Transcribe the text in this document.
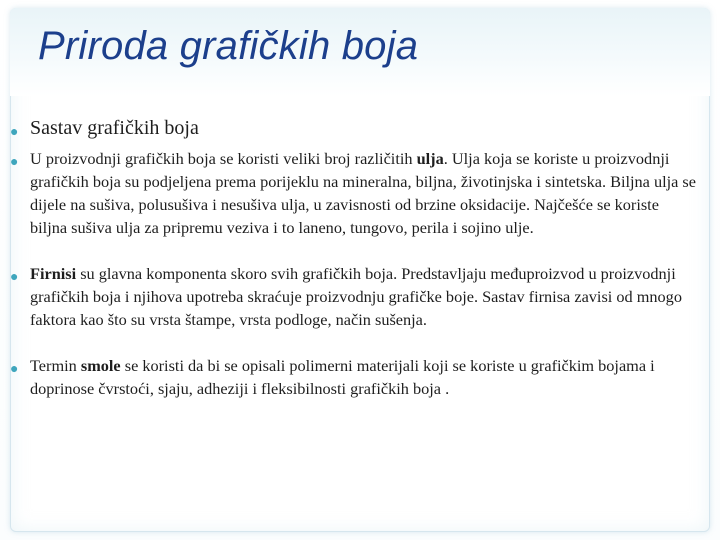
Priroda grafičkih boja
● Sastav grafičkih boja
● U proizvodnji grafičkih boja se koristi veliki broj različitih ulja. Ulja koja se koriste u proizvodnji grafičkih boja su podjeljena prema porijeklu na mineralna, biljna, životinjska i sintetska. Biljna ulja se dijele na sušiva, polusušiva i nesušiva ulja, u zavisnosti od brzine oksidacije. Najčešće se koriste biljna sušiva ulja za pripremu veziva i to laneno, tungovo, perila i sojino ulje.
● Firnisi su glavna komponenta skoro svih grafičkih boja. Predstavljaju međuproizvod u proizvodnji grafičkih boja i njihova upotreba skraćuje proizvodnju grafičke boje. Sastav firnisa zavisi od mnogo faktora kao što su vrsta štampe, vrsta podloge, način sušenja.
● Termin smole se koristi da bi se opisali polimerni materijali koji se koriste u grafičkim bojama i doprinose čvrstoći, sjaju, adheziji i fleksibilnosti grafičkih boja .
